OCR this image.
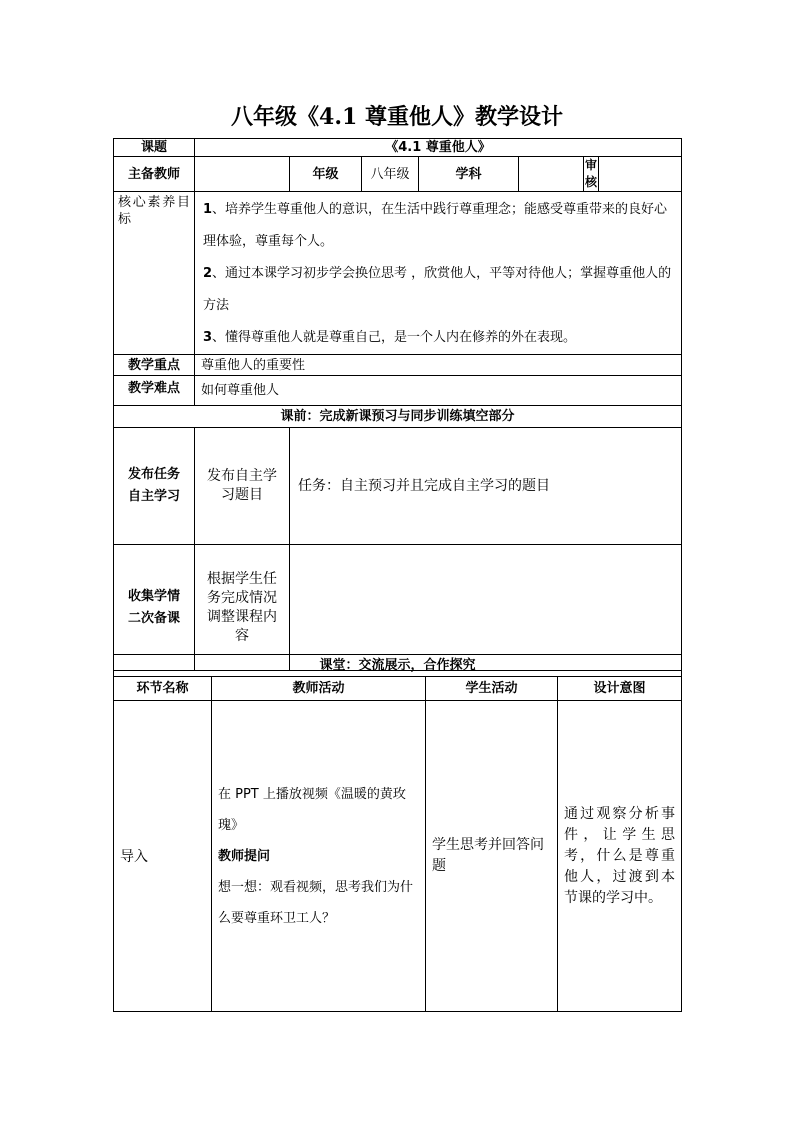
八年级《4.1 尊重他人》教学设计
课题	《4.1 尊重他人》						
主备教师		年级	八年级	学科		审核	

核心素养目标	1、培养学生尊重他人的意识，在生活中践行尊重理念；能感受尊重带来的良好心理体验，尊重每个人。

2、通过本课学习初步学会换位思考 ，欣赏他人，平等对待他人；掌握尊重他人的方法

3、懂得尊重他人就是尊重自己，是一个人内在修养的外在表现。						

教学重点	尊重他人的重要性						
教学难点	如何尊重他人						
课前：完成新课预习与同步训练填空部分							

发布任务
自主学习	发布自主学习题目	任务：自主预习并且完成自主学习的题目					

收集学情
二次备课	根据学生任务完成情况调整课程内容						
课堂：交流展示，合作探究			
环节名称	教师活动	学生活动	设计意图
导入	在 PPT 上播放视频《温暖的黄玫瑰》

教师提问

想一想：观看视频，思考我们为什么要尊重环卫工人？	学生思考并回答问题	通过观察分析事件，让学生思考，什么是尊重他人，过渡到本节课的学习中。
